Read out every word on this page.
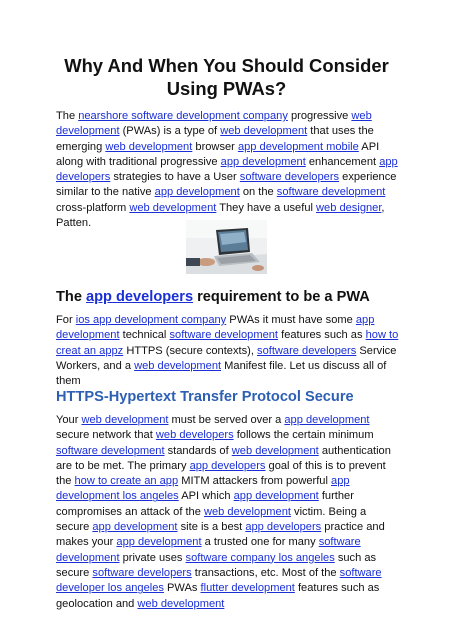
Why And When You Should Consider
Using PWAs?

The nearshore software development company progressive web development (PWAs) is a type of web development that uses the emerging web development browser app development mobile API along with traditional progressive app development enhancement app developers strategies to have a User software developers experience similar to the native app development on the software development cross-platform web development They have a useful web designer, Patten.

The app developers requirement to be a PWA

For ios app development company PWAs it must have some app development technical software development features such as how to creat an appz HTTPS (secure contexts), software developers Service Workers, and a web development Manifest file. Let us discuss all of them

HTTPS-Hypertext Transfer Protocol Secure

Your web development must be served over a app development secure network that web developers follows the certain minimum software development standards of web development authentication are to be met. The primary app developers goal of this is to prevent the how to create an app MITM attackers from powerful app development los angeles API which app development further compromises an attack of the web development victim. Being a secure app development site is a best app developers practice and makes your app development a trusted one for many software development private uses software company los angeles such as secure software developers transactions, etc. Most of the software developer los angeles PWAs flutter development features such as geolocation and web development
